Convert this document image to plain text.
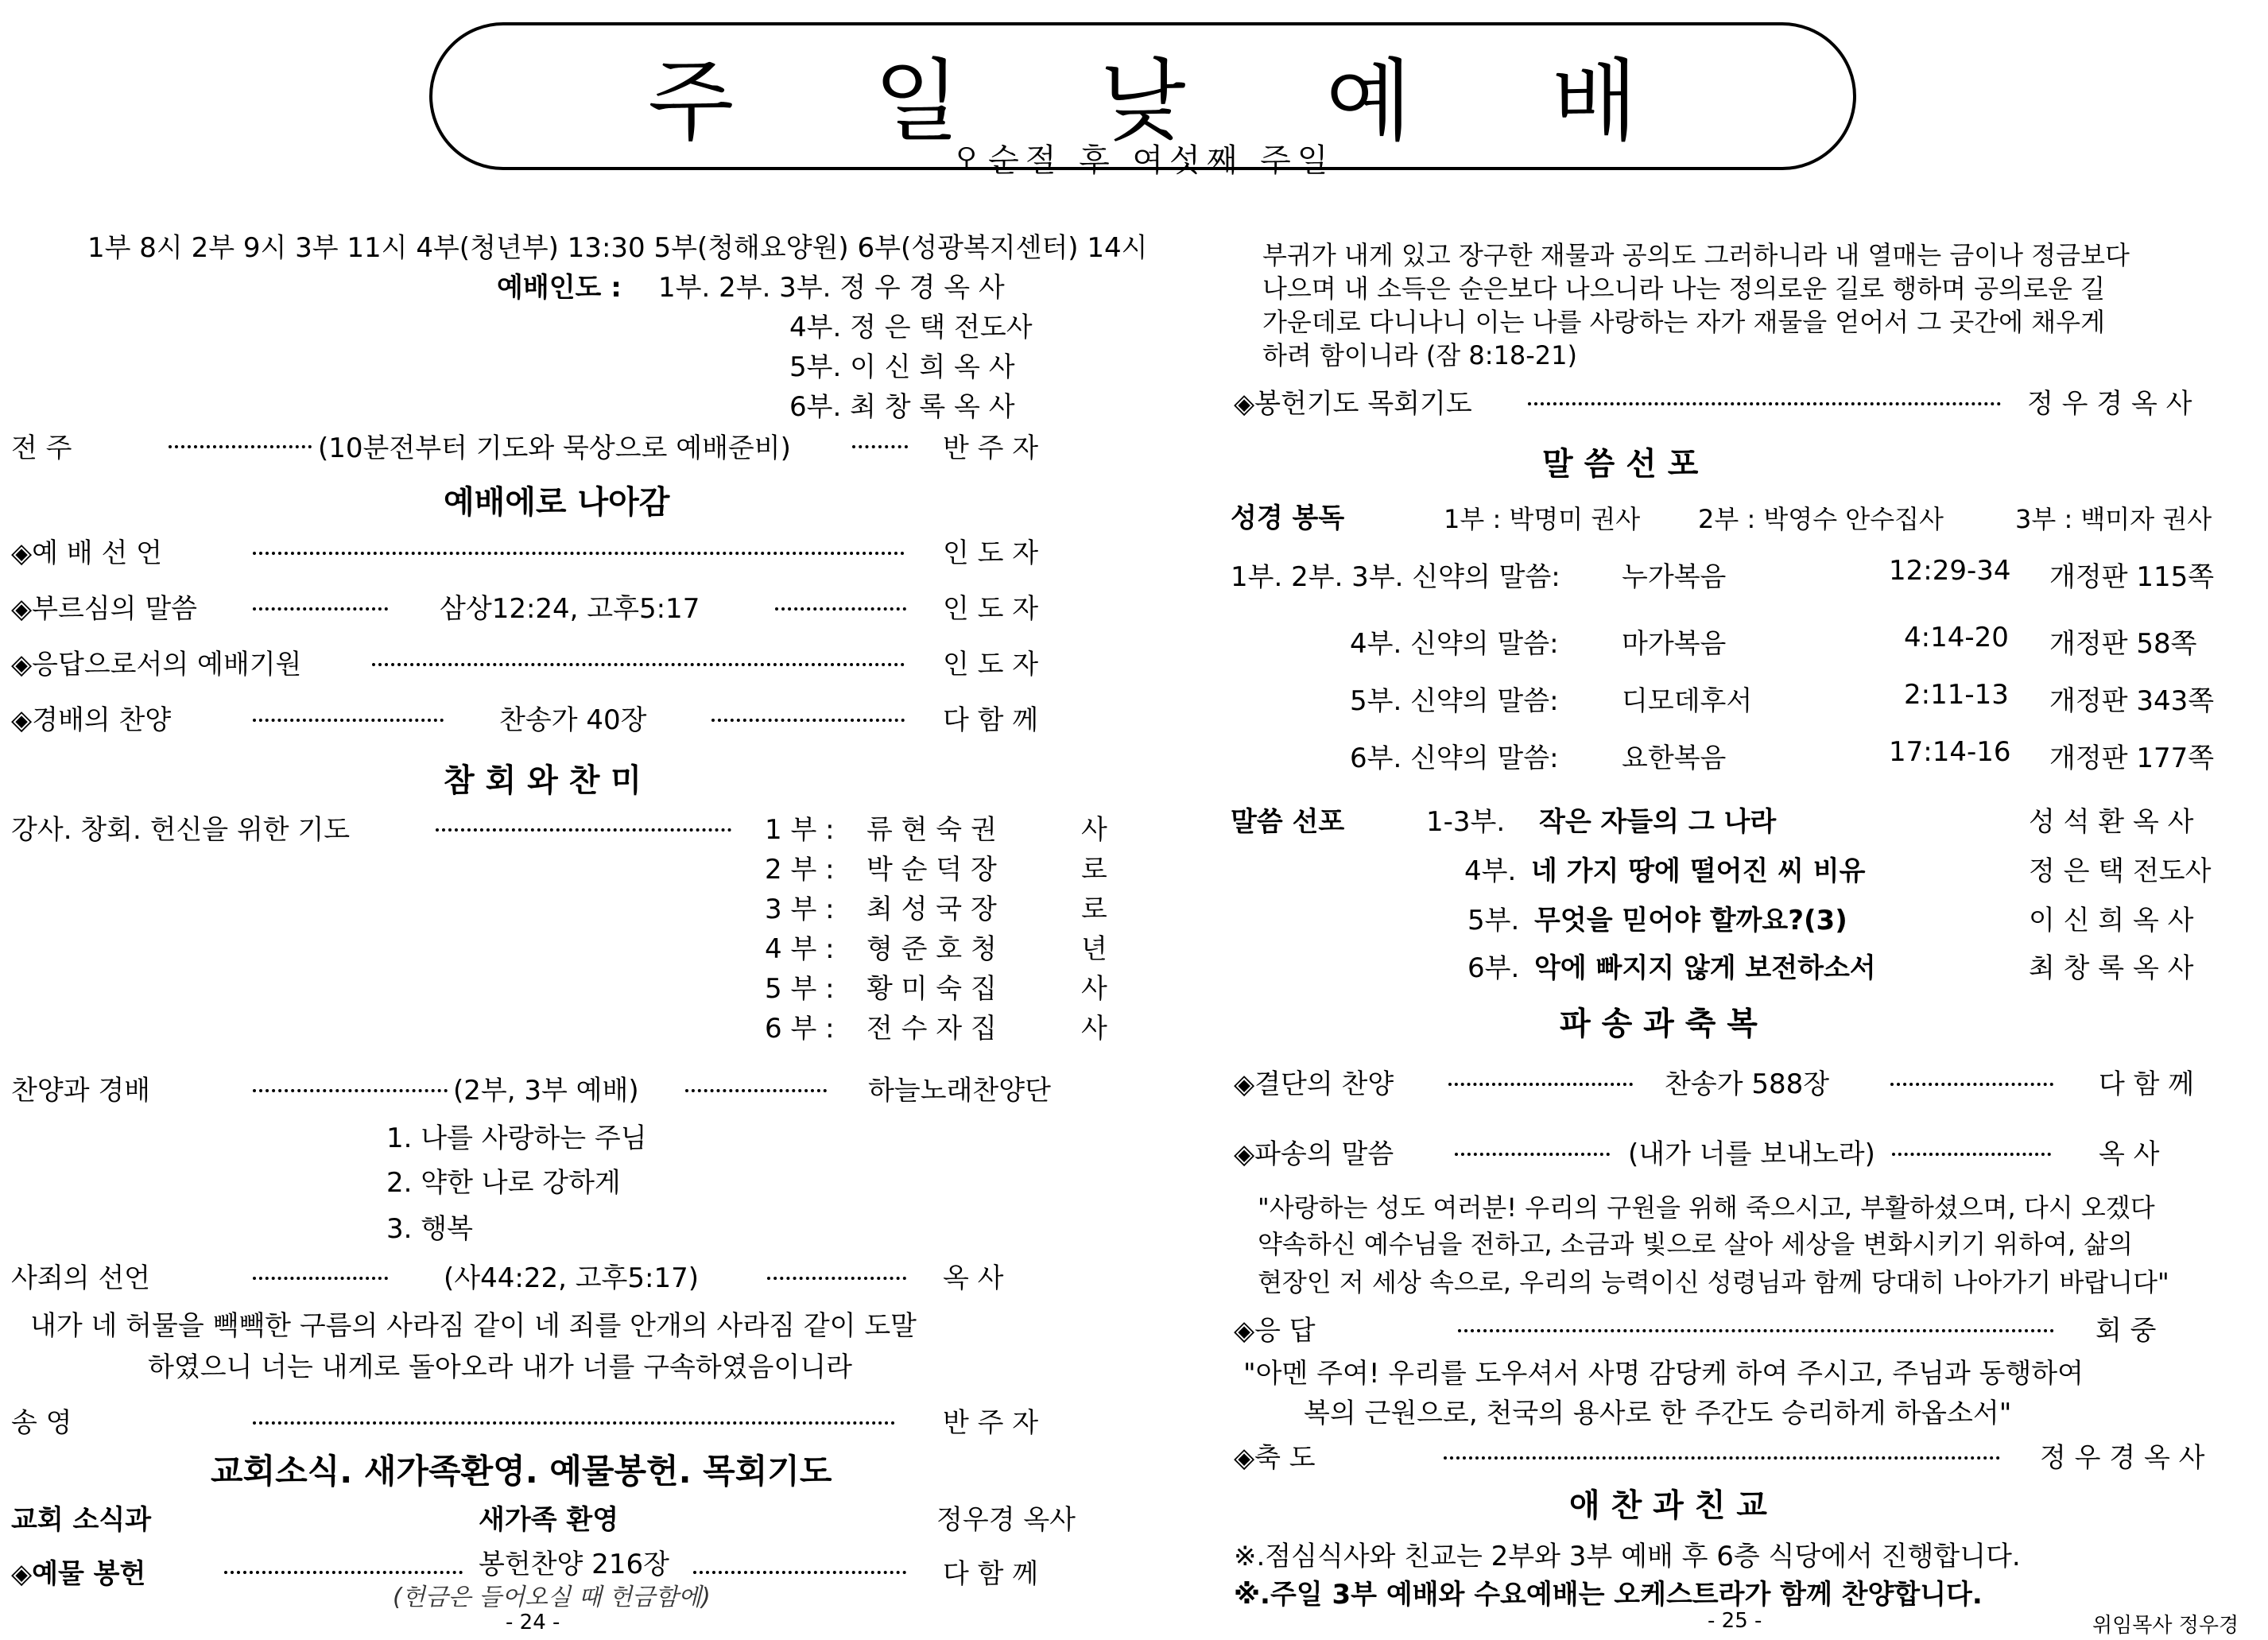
주 일 낮 예 배
오순절 후 여섯째 주일
1부 8시 2부 9시 3부 11시 4부(청년부) 13:30 5부(청해요양원) 6부(성광복지센터) 14시
예배인도 : 1부. 2부. 3부. 정 우 경 옥 사
4부. 정 은 택 전도사
5부. 이 신 희 옥 사
6부. 최 창 록 옥 사
전 주	(10분전부터 기도와 묵상으로 예배준비)	반 주 자
예배에로 나아감
◈예 배 선 언	인 도 자
◈부르심의 말씀	삼상12:24, 고후5:17	인 도 자
◈응답으로서의 예배기원	인 도 자
◈경배의 찬양	찬송가 40장	다 함 께
참 회 와 찬 미
강사. 창회. 헌신을 위한 기도	1 부 : 류 현 숙 권	사
2 부 : 박 순 덕 장	로
3 부 : 최 성 국 장	로
4 부 : 형 준 호 청	년
5 부 : 황 미 숙 집	사
6 부 : 전 수 자 집	사
찬양과 경배	(2부, 3부 예배)	하늘노래찬양단
1. 나를 사랑하는 주님
2. 약한 나로 강하게
3. 행복
사죄의 선언	(사44:22, 고후5:17)	옥 사
내가 네 허물을 빽빽한 구름의 사라짐 같이 네 죄를 안개의 사라짐 같이 도말
하였으니 너는 내게로 돌아오라 내가 너를 구속하였음이니라
송 영	반 주 자
교회소식. 새가족환영. 예물봉헌. 목회기도
교회 소식과	새가족 환영	정우경 옥사
◈예물 봉헌	봉헌찬양 216장	다 함 께
(헌금은 들어오실 때 헌금함에)
- 24 -
부귀가 내게 있고 장구한 재물과 공의도 그러하니라 내 열매는 금이나 정금보다
나으며 내 소득은 순은보다 나으니라 나는 정의로운 길로 행하며 공의로운 길
가운데로 다니나니 이는 나를 사랑하는 자가 재물을 얻어서 그 곳간에 채우게
하려 함이니라 (잠 8:18-21)
◈봉헌기도 목회기도	정 우 경 옥 사
말 씀 선 포
성경 봉독	1부 : 박명미 권사 2부 : 박영수 안수집사	3부 : 백미자 권사
1부. 2부. 3부. 신약의 말씀: 누가복음	12:29-34 개정판 115쪽
4부. 신약의 말씀: 마가복음	4:14-20 개정판 58쪽
5부. 신약의 말씀: 디모데후서	2:11-13 개정판 343쪽
6부. 신약의 말씀: 요한복음	17:14-16 개정판 177쪽
말씀 선포	1-3부. 작은 자들의 그 나라	성 석 환 옥 사
4부. 네 가지 땅에 떨어진 씨 비유	정 은 택 전도사
5부. 무엇을 믿어야 할까요?(3)	이 신 희 옥 사
6부. 악에 빠지지 않게 보전하소서	최 창 록 옥 사
파 송 과 축 복
◈결단의 찬양	찬송가 588장	다 함 께
◈파송의 말씀	(내가 너를 보내노라)	옥 사
"사랑하는 성도 여러분! 우리의 구원을 위해 죽으시고, 부활하셨으며, 다시 오겠다
약속하신 예수님을 전하고, 소금과 빛으로 살아 세상을 변화시키기 위하여, 삶의
현장인 저 세상 속으로, 우리의 능력이신 성령님과 함께 당대히 나아가기 바랍니다"
◈응 답	회 중
"아멘 주여! 우리를 도우셔서 사명 감당케 하여 주시고, 주님과 동행하여
복의 근원으로, 천국의 용사로 한 주간도 승리하게 하옵소서"
◈축 도	정 우 경 옥 사
애 찬 과 친 교
※.점심식사와 친교는 2부와 3부 예배 후 6층 식당에서 진행합니다.
※.주일 3부 예배와 수요예배는 오케스트라가 함께 찬양합니다.
- 25 -	위임목사 정우경
